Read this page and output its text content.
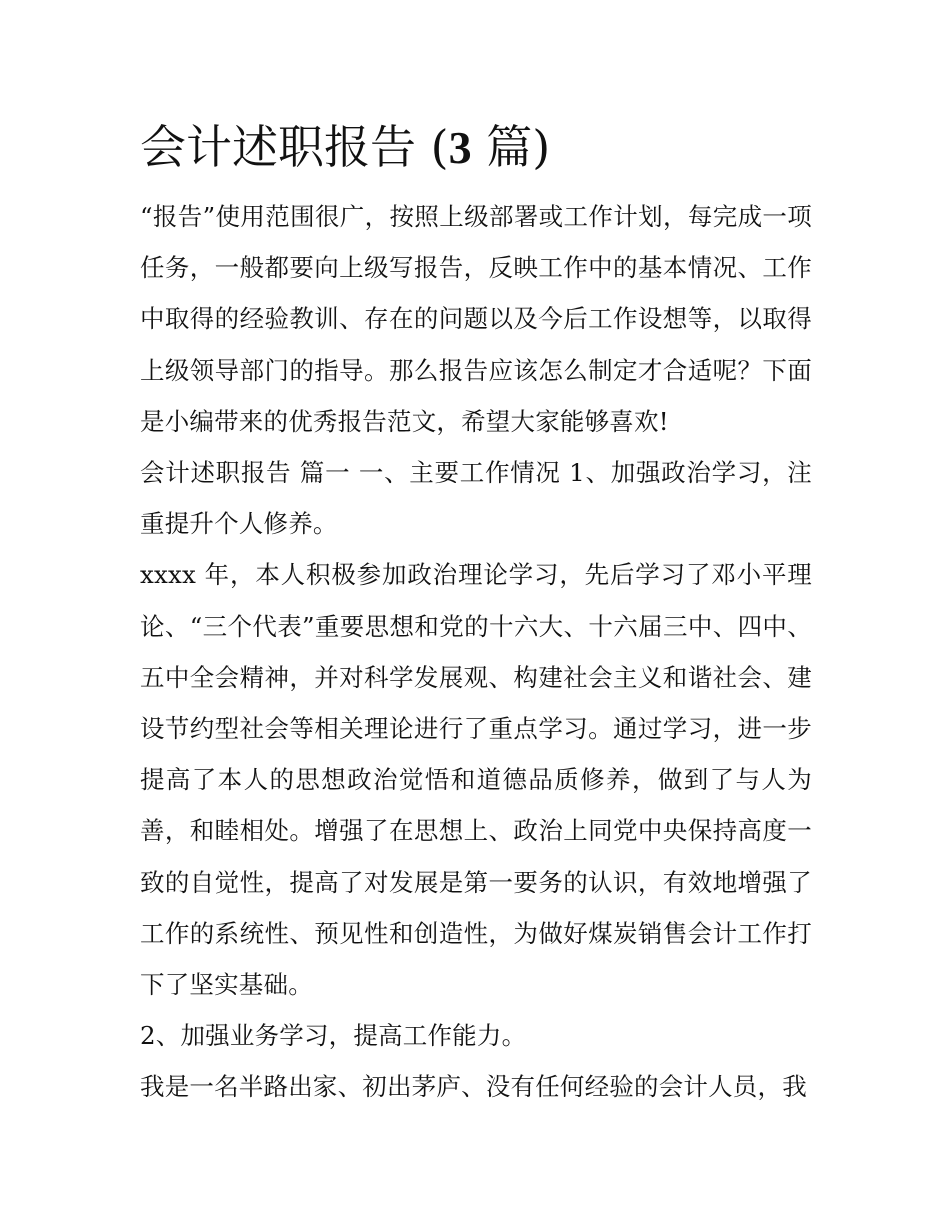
会计述职报告 (3 篇)

“报告”使用范围很广，按照上级部署或工作计划，每完成一项任务，一般都要向上级写报告，反映工作中的基本情况、工作中取得的经验教训、存在的问题以及今后工作设想等，以取得上级领导部门的指导。那么报告应该怎么制定才合适呢？下面是小编带来的优秀报告范文，希望大家能够喜欢!

会计述职报告 篇一 一、主要工作情况 1、加强政治学习，注重提升个人修养。

xxxx 年，本人积极参加政治理论学习，先后学习了邓小平理论、“三个代表”重要思想和党的十六大、十六届三中、四中、五中全会精神，并对科学发展观、构建社会主义和谐社会、建设节约型社会等相关理论进行了重点学习。通过学习，进一步提高了本人的思想政治觉悟和道德品质修养，做到了与人为善，和睦相处。增强了在思想上、政治上同党中央保持高度一致的自觉性，提高了对发展是第一要务的认识，有效地增强了工作的系统性、预见性和创造性，为做好煤炭销售会计工作打下了坚实基础。

2、加强业务学习，提高工作能力。

我是一名半路出家、初出茅庐、没有任何经验的会计人员，我
